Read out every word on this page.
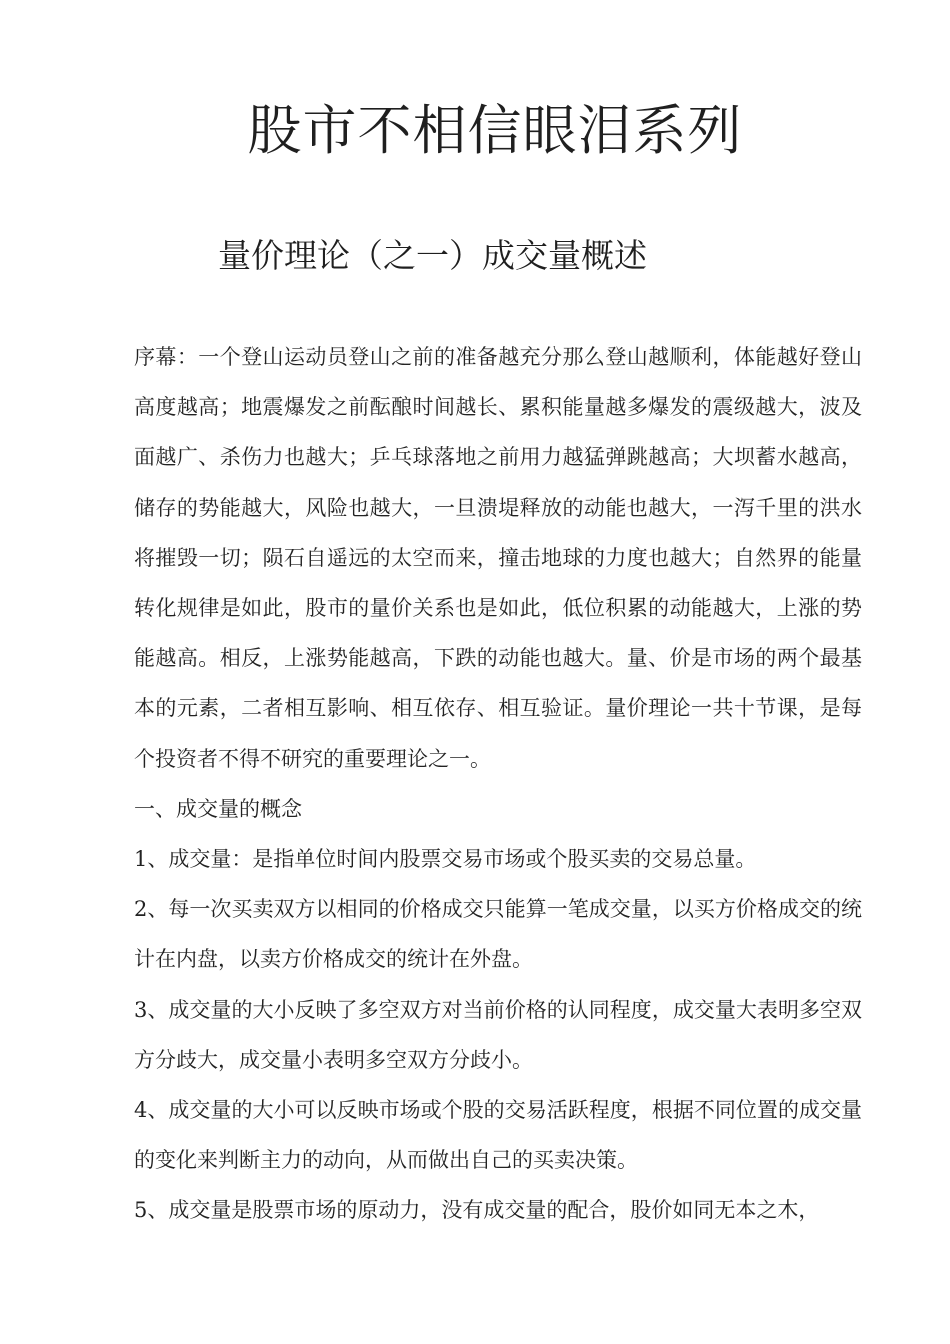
股市不相信眼泪系列
量价理论（之一）成交量概述

序幕：一个登山运动员登山之前的准备越充分那么登山越顺利，体能越好登山高度越高；地震爆发之前酝酿时间越长、累积能量越多爆发的震级越大，波及面越广、杀伤力也越大；乒乓球落地之前用力越猛弹跳越高；大坝蓄水越高，储存的势能越大，风险也越大，一旦溃堤释放的动能也越大，一泻千里的洪水将摧毁一切；陨石自遥远的太空而来，撞击地球的力度也越大；自然界的能量转化规律是如此，股市的量价关系也是如此，低位积累的动能越大，上涨的势能越高。相反，上涨势能越高，下跌的动能也越大。量、价是市场的两个最基本的元素，二者相互影响、相互依存、相互验证。量价理论一共十节课，是每个投资者不得不研究的重要理论之一。

一、成交量的概念

1、成交量：是指单位时间内股票交易市场或个股买卖的交易总量。

2、每一次买卖双方以相同的价格成交只能算一笔成交量，以买方价格成交的统计在内盘，以卖方价格成交的统计在外盘。

3、成交量的大小反映了多空双方对当前价格的认同程度，成交量大表明多空双方分歧大，成交量小表明多空双方分歧小。

4、成交量的大小可以反映市场或个股的交易活跃程度，根据不同位置的成交量的变化来判断主力的动向，从而做出自己的买卖决策。

5、成交量是股票市场的原动力，没有成交量的配合，股价如同无本之木，
